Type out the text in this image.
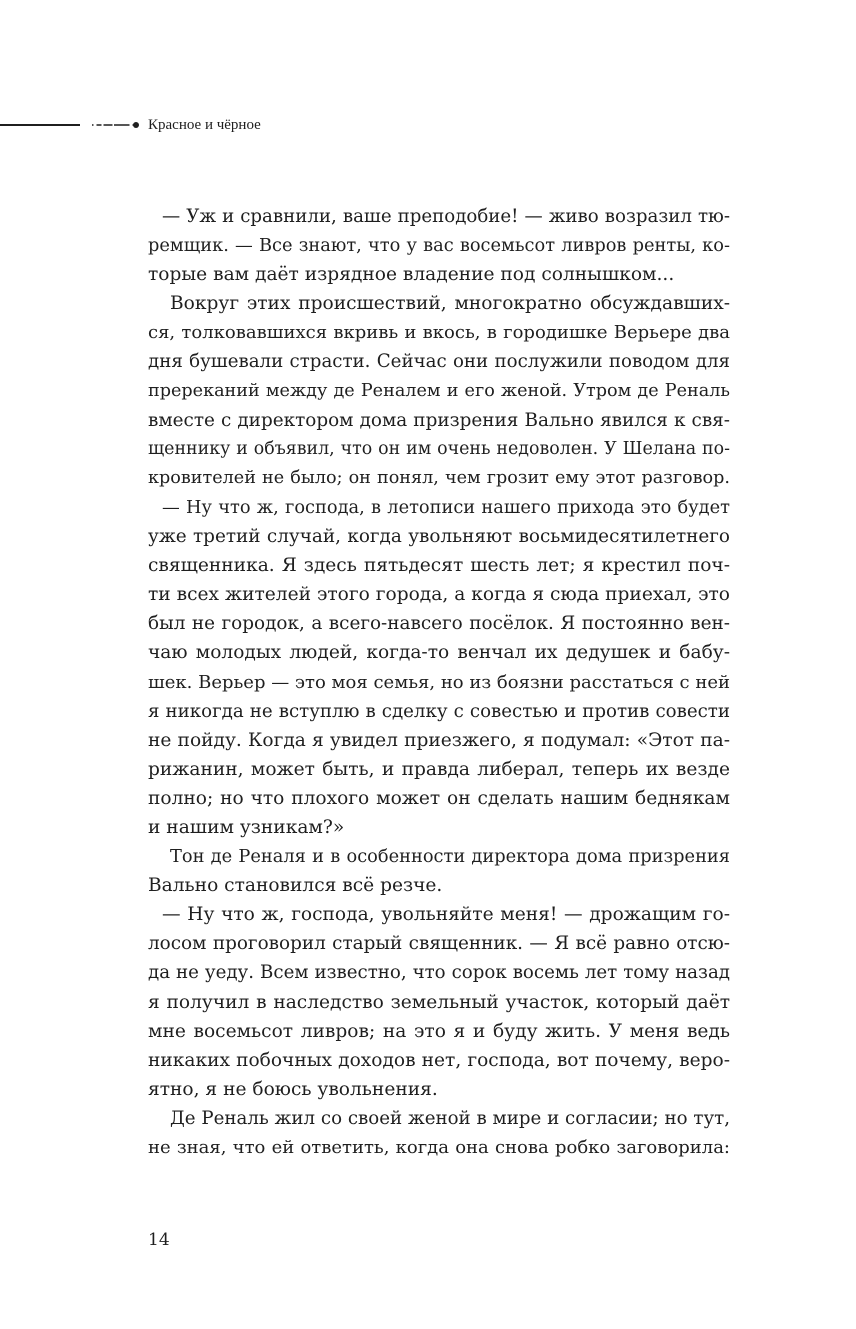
Красное и чёрное
— Уж и сравнили, ваше преподобие! — живо возразил тю-
ремщик. — Все знают, что у вас восемьсот ливров ренты, ко-
торые вам даёт изрядное владение под солнышком...
Вокруг этих происшествий, многократно обсуждавших-
ся, толковавшихся вкривь и вкось, в городишке Верьере два
дня бушевали страсти. Сейчас они послужили поводом для
пререканий между де Реналем и его женой. Утром де Реналь
вместе с директором дома призрения Вально явился к свя-
щеннику и объявил, что он им очень недоволен. У Шелана по-
кровителей не было; он понял, чем грозит ему этот разговор.
— Ну что ж, господа, в летописи нашего прихода это будет
уже третий случай, когда увольняют восьмидесятилетнего
священника. Я здесь пятьдесят шесть лет; я крестил поч-
ти всех жителей этого города, а когда я сюда приехал, это
был не городок, а всего-навсего посёлок. Я постоянно вен-
чаю молодых людей, когда-то венчал их дедушек и бабу-
шек. Верьер — это моя семья, но из боязни расстаться с ней
я никогда не вступлю в сделку с совестью и против совести
не пойду. Когда я увидел приезжего, я подумал: «Этот па-
рижанин, может быть, и правда либерал, теперь их везде
полно; но что плохого может он сделать нашим беднякам
и нашим узникам?»
Тон де Реналя и в особенности директора дома призрения
Вально становился всё резче.
— Ну что ж, господа, увольняйте меня! — дрожащим го-
лосом проговорил старый священник. — Я всё равно отсю-
да не уеду. Всем известно, что сорок восемь лет тому назад
я получил в наследство земельный участок, который даёт
мне восемьсот ливров; на это я и буду жить. У меня ведь
никаких побочных доходов нет, господа, вот почему, веро-
ятно, я не боюсь увольнения.
Де Реналь жил со своей женой в мире и согласии; но тут,
не зная, что ей ответить, когда она снова робко заговорила:
14
